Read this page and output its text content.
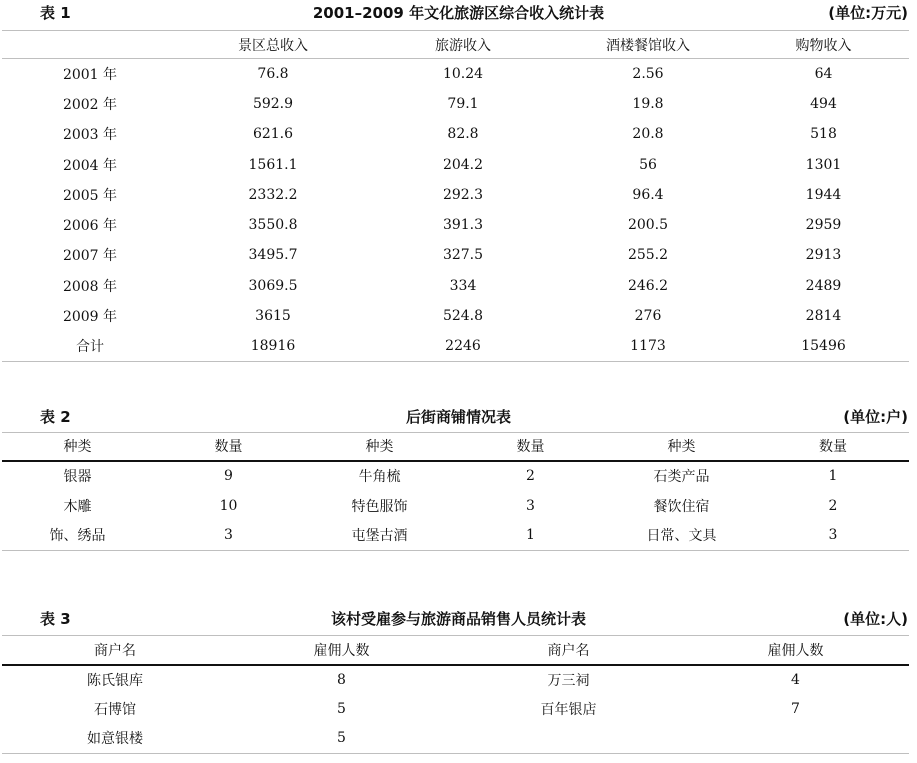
表 1	2001–2009 年文化旅游区综合收入统计表	(单位:万元)
	景区总收入	旅游收入	酒楼餐馆收入	购物收入
2001 年	76.8	10.24	2.56	64
2002 年	592.9	79.1	19.8	494
2003 年	621.6	82.8	20.8	518
2004 年	1561.1	204.2	56	1301
2005 年	2332.2	292.3	96.4	1944
2006 年	3550.8	391.3	200.5	2959
2007 年	3495.7	327.5	255.2	2913
2008 年	3069.5	334	246.2	2489
2009 年	3615	524.8	276	2814
合计	18916	2246	1173	15496
表 2	后街商铺情况表	(单位:户)
种类	数量	种类	数量	种类	数量
银器	9	牛角梳	2	石类产品	1
木雕	10	特色服饰	3	餐饮住宿	2
饰、绣品	3	屯堡古酒	1	日常、文具	3
表 3	该村受雇参与旅游商品销售人员统计表	(单位:人)
商户名	雇佣人数	商户名	雇佣人数
陈氏银库	8	万三祠	4
石博馆	5	百年银店	7
如意银楼	5		
